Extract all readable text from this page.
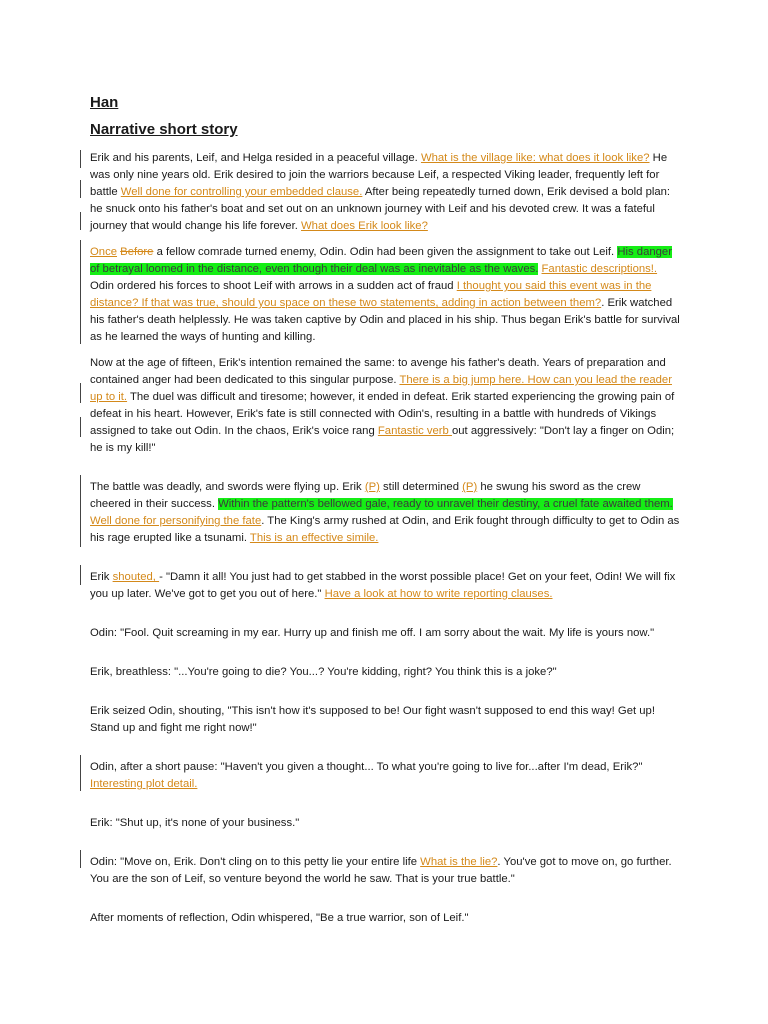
Han
Narrative short story
Erik and his parents, Leif, and Helga resided in a peaceful village. What is the village like: what does it look like? He was only nine years old. Erik desired to join the warriors because Leif, a respected Viking leader, frequently left for battle Well done for controlling your embedded clause. After being repeatedly turned down, Erik devised a bold plan: he snuck onto his father's boat and set out on an unknown journey with Leif and his devoted crew. It was a fateful journey that would change his life forever. What does Erik look like?
Once Before a fellow comrade turned enemy, Odin. Odin had been given the assignment to take out Leif. His danger of betrayal loomed in the distance, even though their deal was as inevitable as the waves. Fantastic descriptions!. Odin ordered his forces to shoot Leif with arrows in a sudden act of fraud I thought you said this event was in the distance? If that was true, should you space on these two statements, adding in action between them?. Erik watched his father's death helplessly. He was taken captive by Odin and placed in his ship. Thus began Erik's battle for survival as he learned the ways of hunting and killing.
Now at the age of fifteen, Erik's intention remained the same: to avenge his father's death. Years of preparation and contained anger had been dedicated to this singular purpose. There is a big jump here. How can you lead the reader up to it. The duel was difficult and tiresome; however, it ended in defeat. Erik started experiencing the growing pain of defeat in his heart. However, Erik's fate is still connected with Odin's, resulting in a battle with hundreds of Vikings assigned to take out Odin. In the chaos, Erik's voice rang Fantastic verb out aggressively: "Don't lay a finger on Odin; he is my kill!"
The battle was deadly, and swords were flying up. Erik (P) still determined (P) he swung his sword as the crew cheered in their success. Within the pattern's bellowed gale, ready to unravel their destiny, a cruel fate awaited them. Well done for personifying the fate. The King's army rushed at Odin, and Erik fought through difficulty to get to Odin as his rage erupted like a tsunami. This is an effective simile.
Erik shouted, - "Damn it all! You just had to get stabbed in the worst possible place! Get on your feet, Odin! We will fix you up later. We've got to get you out of here." Have a look at how to write reporting clauses.
Odin: "Fool. Quit screaming in my ear. Hurry up and finish me off. I am sorry about the wait. My life is yours now."
Erik, breathless: "...You're going to die? You...? You're kidding, right? You think this is a joke?"
Erik seized Odin, shouting, "This isn't how it's supposed to be! Our fight wasn't supposed to end this way! Get up! Stand up and fight me right now!"
Odin, after a short pause: "Haven't you given a thought... To what you're going to live for...after I'm dead, Erik?" Interesting plot detail.
Erik: "Shut up, it's none of your business."
Odin: "Move on, Erik. Don't cling on to this petty lie your entire life What is the lie?. You've got to move on, go further. You are the son of Leif, so venture beyond the world he saw. That is your true battle."
After moments of reflection, Odin whispered, "Be a true warrior, son of Leif."
